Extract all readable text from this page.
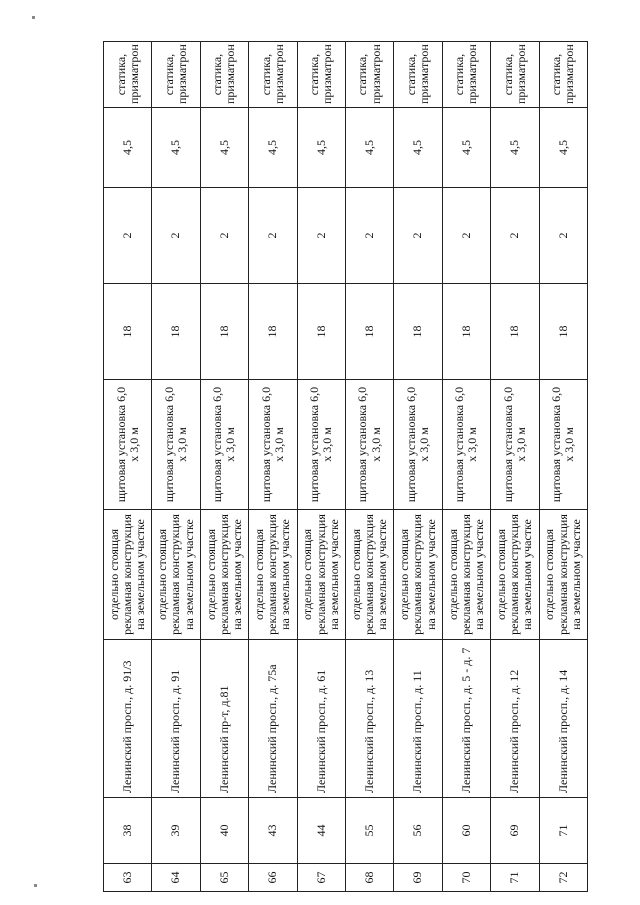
63	38	Ленинский просп., д. 91/3	отдельно стоящая рекламная конструкция на земельном участке	щитовая установка 6,0 х 3,0 м	18	2	4,5	статика, призматрон
64	39	Ленинский просп., д. 91	отдельно стоящая рекламная конструкция на земельном участке	щитовая установка 6,0 х 3,0 м	18	2	4,5	статика, призматрон
65	40	Ленинский пр-т, д.81	отдельно стоящая рекламная конструкция на земельном участке	щитовая установка 6,0 х 3,0 м	18	2	4,5	статика, призматрон
66	43	Ленинский просп., д. 75а	отдельно стоящая рекламная конструкция на земельном участке	щитовая установка 6,0 х 3,0 м	18	2	4,5	статика, призматрон
67	44	Ленинский просп., д. 61	отдельно стоящая рекламная конструкция на земельном участке	щитовая установка 6,0 х 3,0 м	18	2	4,5	статика, призматрон
68	55	Ленинский просп., д. 13	отдельно стоящая рекламная конструкция на земельном участке	щитовая установка 6,0 х 3,0 м	18	2	4,5	статика, призматрон
69	56	Ленинский просп., д. 11	отдельно стоящая рекламная конструкция на земельном участке	щитовая установка 6,0 х 3,0 м	18	2	4,5	статика, призматрон
70	60	Ленинский просп., д. 5 - д. 7	отдельно стоящая рекламная конструкция на земельном участке	щитовая установка 6,0 х 3,0 м	18	2	4,5	статика, призматрон
71	69	Ленинский просп., д. 12	отдельно стоящая рекламная конструкция на земельном участке	щитовая установка 6,0 х 3,0 м	18	2	4,5	статика, призматрон
72	71	Ленинский просп., д. 14	отдельно стоящая рекламная конструкция на земельном участке	щитовая установка 6,0 х 3,0 м	18	2	4,5	статика, призматрон
